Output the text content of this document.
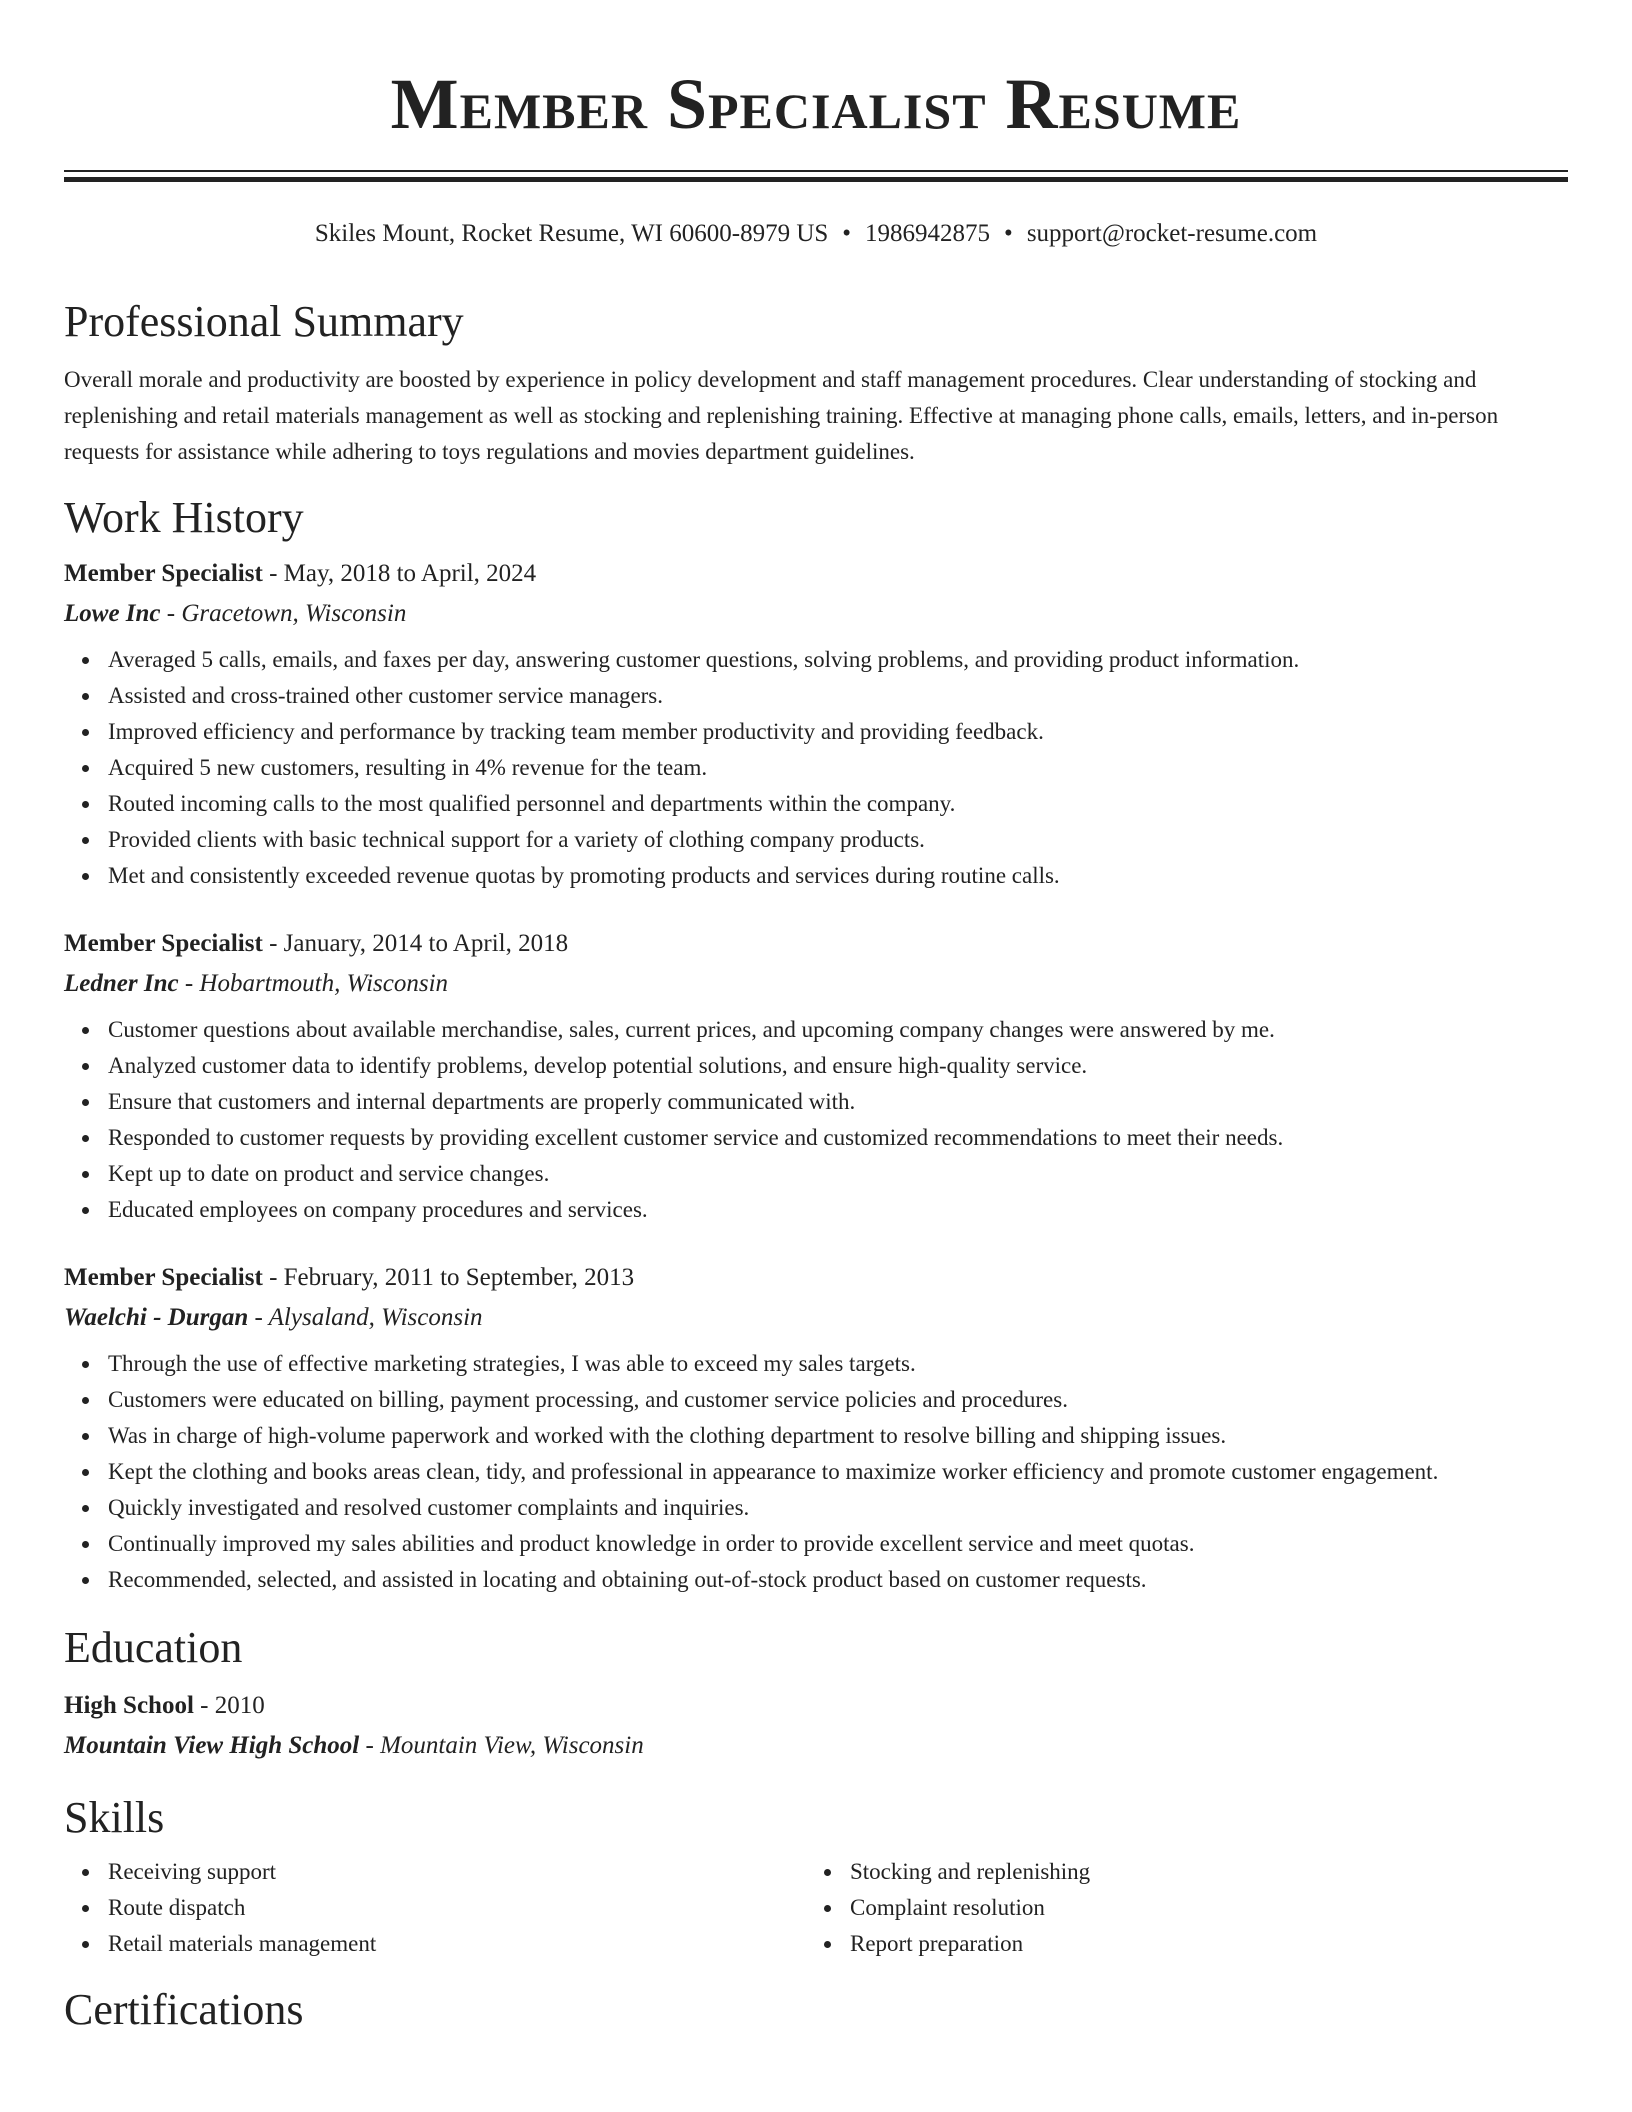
Member Specialist Resume
Skiles Mount, Rocket Resume, WI 60600-8979 US • 1986942875 • support@rocket-resume.com
Professional Summary

Overall morale and productivity are boosted by experience in policy development and staff management procedures. Clear understanding of stocking and replenishing and retail materials management as well as stocking and replenishing training. Effective at managing phone calls, emails, letters, and in-person requests for assistance while adhering to toys regulations and movies department guidelines.

Work History
Member Specialist - May, 2018 to April, 2024
Lowe Inc - Gracetown, Wisconsin
Averaged 5 calls, emails, and faxes per day, answering customer questions, solving problems, and providing product information.
Assisted and cross-trained other customer service managers.
Improved efficiency and performance by tracking team member productivity and providing feedback.
Acquired 5 new customers, resulting in 4% revenue for the team.
Routed incoming calls to the most qualified personnel and departments within the company.
Provided clients with basic technical support for a variety of clothing company products.
Met and consistently exceeded revenue quotas by promoting products and services during routine calls.
Member Specialist - January, 2014 to April, 2018
Ledner Inc - Hobartmouth, Wisconsin
Customer questions about available merchandise, sales, current prices, and upcoming company changes were answered by me.
Analyzed customer data to identify problems, develop potential solutions, and ensure high-quality service.
Ensure that customers and internal departments are properly communicated with.
Responded to customer requests by providing excellent customer service and customized recommendations to meet their needs.
Kept up to date on product and service changes.
Educated employees on company procedures and services.
Member Specialist - February, 2011 to September, 2013
Waelchi - Durgan - Alysaland, Wisconsin
Through the use of effective marketing strategies, I was able to exceed my sales targets.
Customers were educated on billing, payment processing, and customer service policies and procedures.
Was in charge of high-volume paperwork and worked with the clothing department to resolve billing and shipping issues.
Kept the clothing and books areas clean, tidy, and professional in appearance to maximize worker efficiency and promote customer engagement.
Quickly investigated and resolved customer complaints and inquiries.
Continually improved my sales abilities and product knowledge in order to provide excellent service and meet quotas.
Recommended, selected, and assisted in locating and obtaining out-of-stock product based on customer requests.
Education
High School - 2010
Mountain View High School - Mountain View, Wisconsin
Skills
Receiving support
Route dispatch
Retail materials management
Stocking and replenishing
Complaint resolution
Report preparation
Certifications
